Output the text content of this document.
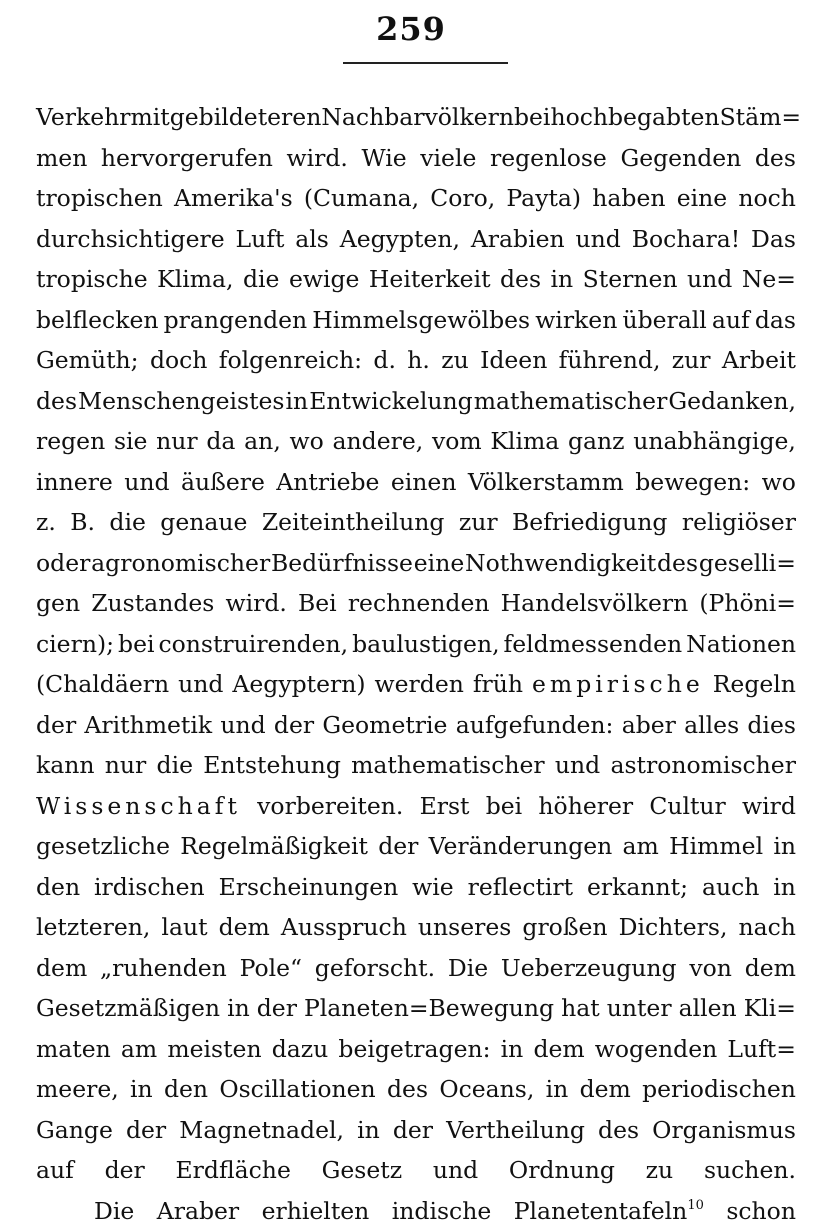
259
Verkehr mit gebildeteren Nachbarvölkern bei hochbegabten Stäm=
men hervorgerufen wird. Wie viele regenlose Gegenden des
tropischen Amerika's (Cumana, Coro, Payta) haben eine noch
durchsichtigere Luft als Aegypten, Arabien und Bochara! Das
tropische Klima, die ewige Heiterkeit des in Sternen und Ne=
belflecken prangenden Himmelsgewölbes wirken überall auf das
Gemüth; doch folgenreich: d. h. zu Ideen führend, zur Arbeit
des Menschengeistes in Entwickelung mathematischer Gedanken,
regen sie nur da an, wo andere, vom Klima ganz unabhängige,
innere und äußere Antriebe einen Völkerstamm bewegen: wo
z. B. die genaue Zeiteintheilung zur Befriedigung religiöser
oder agronomischer Bedürfnisse eine Nothwendigkeit des geselli=
gen Zustandes wird. Bei rechnenden Handelsvölkern (Phöni=
ciern); bei construirenden, baulustigen, feldmessenden Nationen
(Chaldäern und Aegyptern) werden früh empirische Regeln
der Arithmetik und der Geometrie aufgefunden: aber alles dies
kann nur die Entstehung mathematischer und astronomischer
Wissenschaft vorbereiten. Erst bei höherer Cultur wird
gesetzliche Regelmäßigkeit der Veränderungen am Himmel in
den irdischen Erscheinungen wie reflectirt erkannt; auch in
letzteren, laut dem Ausspruch unseres großen Dichters, nach
dem „ruhenden Pole“ geforscht. Die Ueberzeugung von dem
Gesetzmäßigen in der Planeten=Bewegung hat unter allen Kli=
maten am meisten dazu beigetragen: in dem wogenden Luft=
meere, in den Oscillationen des Oceans, in dem periodischen
Gange der Magnetnadel, in der Vertheilung des Organismus
auf der Erdfläche Gesetz und Ordnung zu suchen.
Die Araber erhielten indische Planetentafeln$^{10}$ schon
